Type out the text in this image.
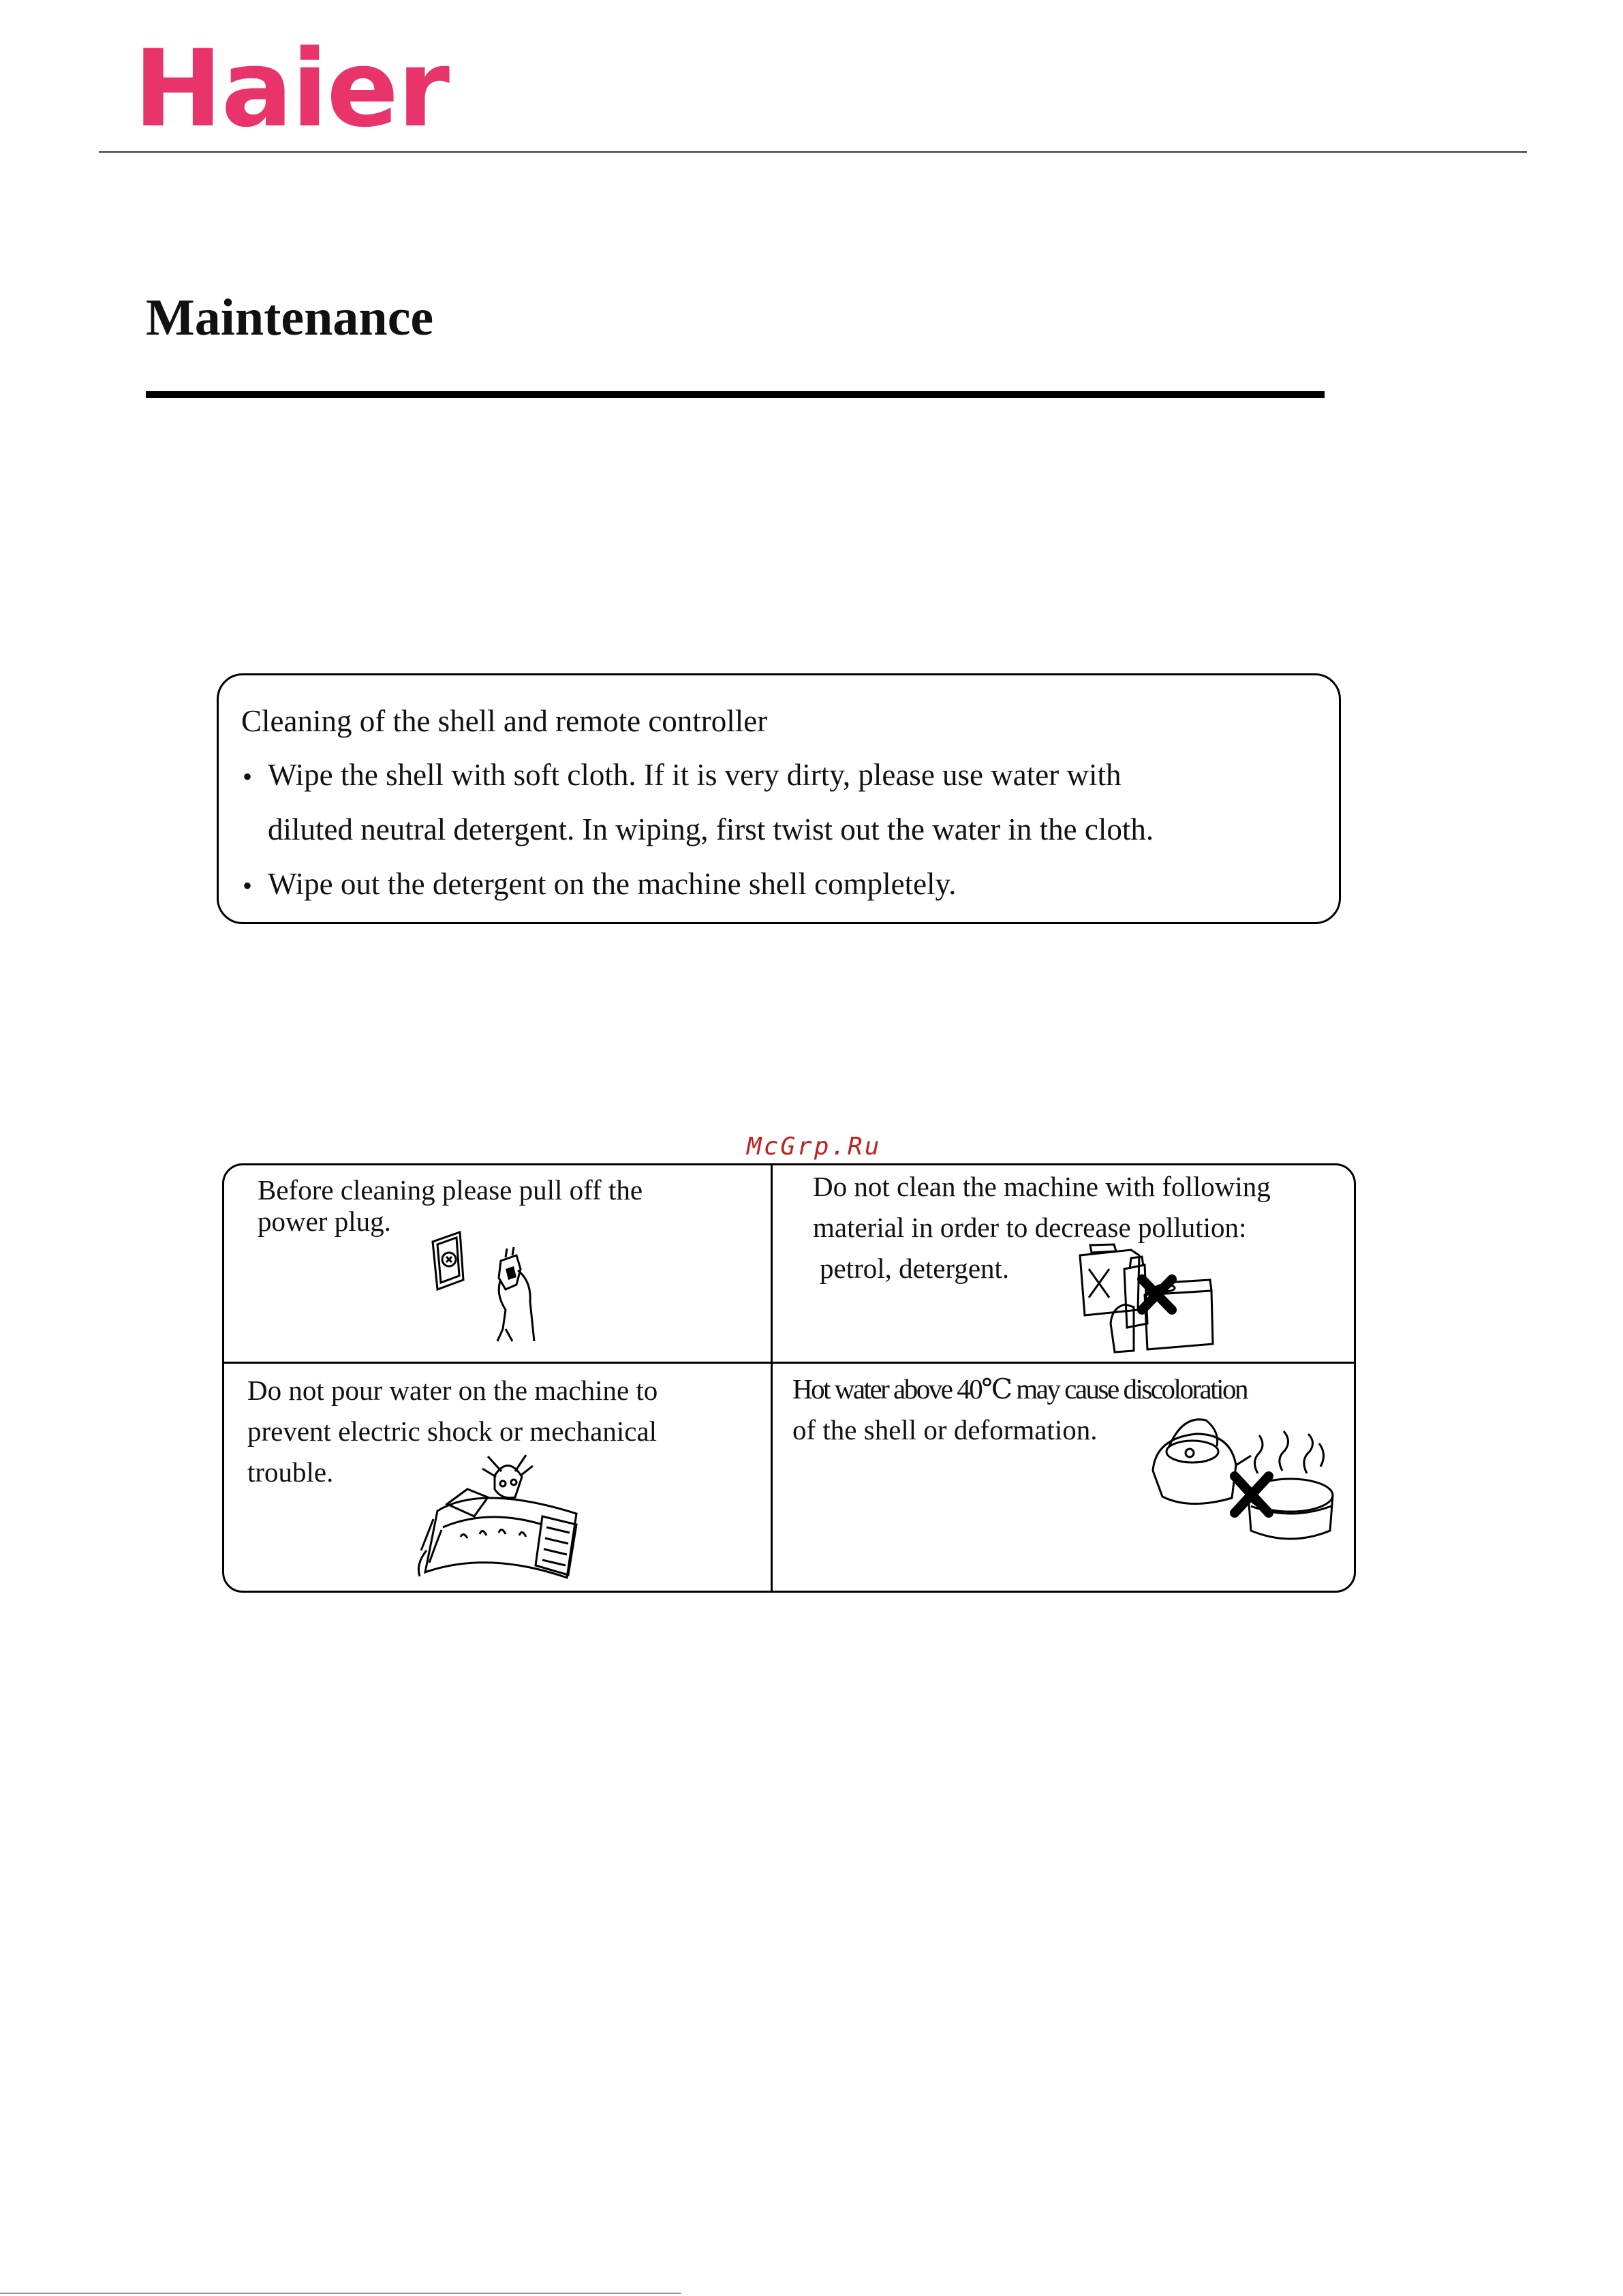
Haier
Maintenance
Cleaning of the shell and remote controller
• Wipe the shell with soft cloth. If it is very dirty, please use water with
diluted neutral detergent. In wiping, first twist out the water in the cloth.
• Wipe out the detergent on the machine shell completely.
McGrp.Ru
Before cleaning please pull off the
power plug.
Do not clean the machine with following
material in order to decrease pollution:
petrol, detergent.
Do not pour water on the machine to
prevent electric shock or mechanical
trouble.
Hot water above 40℃ may cause discoloration
of the shell or deformation.
